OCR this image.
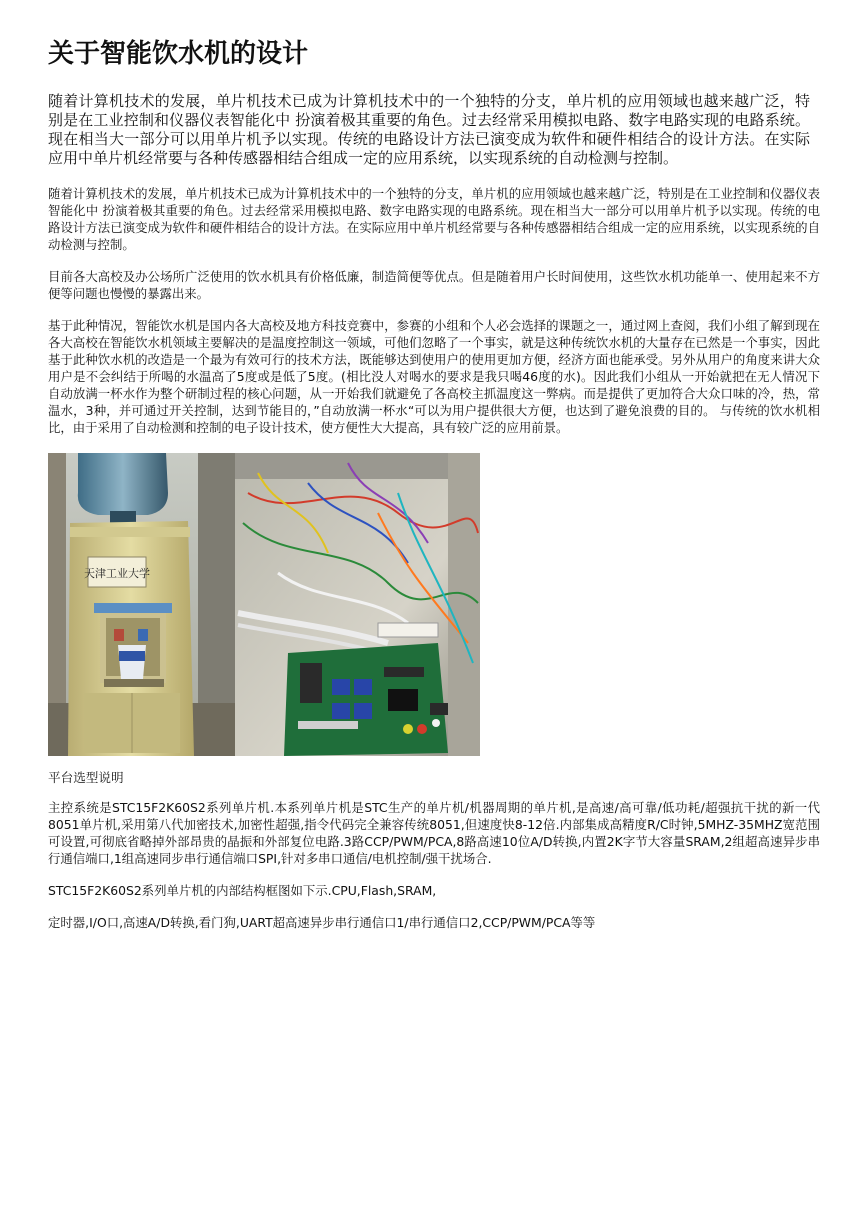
关于智能饮水机的设计

随着计算机技术的发展，单片机技术已成为计算机技术中的一个独特的分支，单片机的应用领域也越来越广泛，特别是在工业控制和仪器仪表智能化中 扮演着极其重要的角色。过去经常采用模拟电路、数字电路实现的电路系统。现在相当大一部分可以用单片机予以实现。传统的电路设计方法已演变成为软件和硬件相结合的设计方法。在实际应用中单片机经常要与各种传感器相结合组成一定的应用系统，以实现系统的自动检测与控制。

随着计算机技术的发展，单片机技术已成为计算机技术中的一个独特的分支，单片机的应用领域也越来越广泛，特别是在工业控制和仪器仪表智能化中 扮演着极其重要的角色。过去经常采用模拟电路、数字电路实现的电路系统。现在相当大一部分可以用单片机予以实现。传统的电路设计方法已演变成为软件和硬件相结合的设计方法。在实际应用中单片机经常要与各种传感器相结合组成一定的应用系统，以实现系统的自动检测与控制。

目前各大高校及办公场所广泛使用的饮水机具有价格低廉，制造简便等优点。但是随着用户长时间使用，这些饮水机功能单一、使用起来不方便等问题也慢慢的暴露出来。

基于此种情况，智能饮水机是国内各大高校及地方科技竞赛中，参赛的小组和个人必会选择的课题之一，通过网上查阅，我们小组了解到现在各大高校在智能饮水机领域主要解决的是温度控制这一领域，可他们忽略了一个事实，就是这种传统饮水机的大量存在已然是一个事实，因此基于此种饮水机的改造是一个最为有效可行的技术方法，既能够达到使用户的使用更加方便，经济方面也能承受。另外从用户的角度来讲大众用户是不会纠结于所喝的水温高了5度或是低了5度。(相比没人对喝水的要求是我只喝46度的水)。因此我们小组从一开始就把在无人情况下自动放满一杯水作为整个研制过程的核心问题，从一开始我们就避免了各高校主抓温度这一弊病。而是提供了更加符合大众口味的冷，热，常温水，3种，并可通过开关控制，达到节能目的，”自动放满一杯水“可以为用户提供很大方便，也达到了避免浪费的目的。 与传统的饮水机相比，由于采用了自动检测和控制的电子设计技术，使方便性大大提高，具有较广泛的应用前景。

天津工业大学
平台选型说明

主控系统是STC15F2K60S2系列单片机.本系列单片机是STC生产的单片机/机器周期的单片机,是高速/高可靠/低功耗/超强抗干扰的新一代8051单片机,采用第八代加密技术,加密性超强,指令代码完全兼容传统8051,但速度快8-12倍.内部集成高精度R/C时钟,5MHZ-35MHZ宽范围可设置,可彻底省略掉外部昂贵的晶振和外部复位电路.3路CCP/PWM/PCA,8路高速10位A/D转换,内置2K字节大容量SRAM,2组超高速异步串行通信端口,1组高速同步串行通信端口SPI,针对多串口通信/电机控制/强干扰场合.

STC15F2K60S2系列单片机的内部结构框图如下示.CPU,Flash,SRAM,

定时器,I/O口,高速A/D转换,看门狗,UART超高速异步串行通信口1/串行通信口2,CCP/PWM/PCA等等
